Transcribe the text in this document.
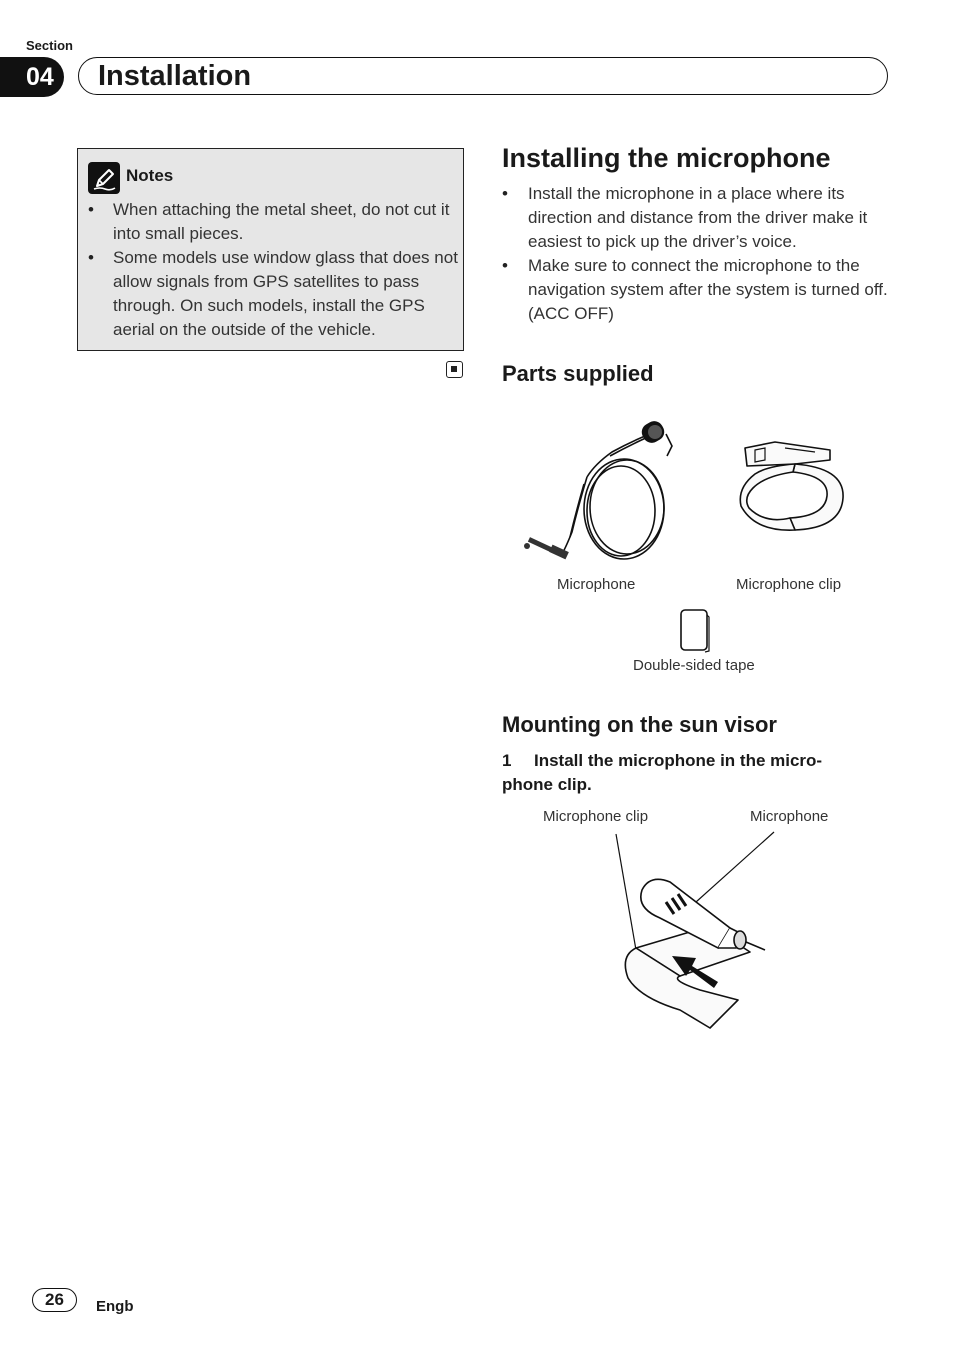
Section
04	Installation
Notes
• When attaching the metal sheet, do not cut it into small pieces.
• Some models use window glass that does not allow signals from GPS satellites to pass through. On such models, install the GPS aerial on the outside of the vehicle.
Installing the microphone
• Install the microphone in a place where its direction and distance from the driver make it easiest to pick up the driver’s voice.
• Make sure to connect the microphone to the navigation system after the system is turned off. (ACC OFF)
Parts supplied
Microphone	Microphone clip
Double-sided tape
Mounting on the sun visor
1 Install the microphone in the micro-phone clip.
Microphone clip	Microphone
26	Engb
